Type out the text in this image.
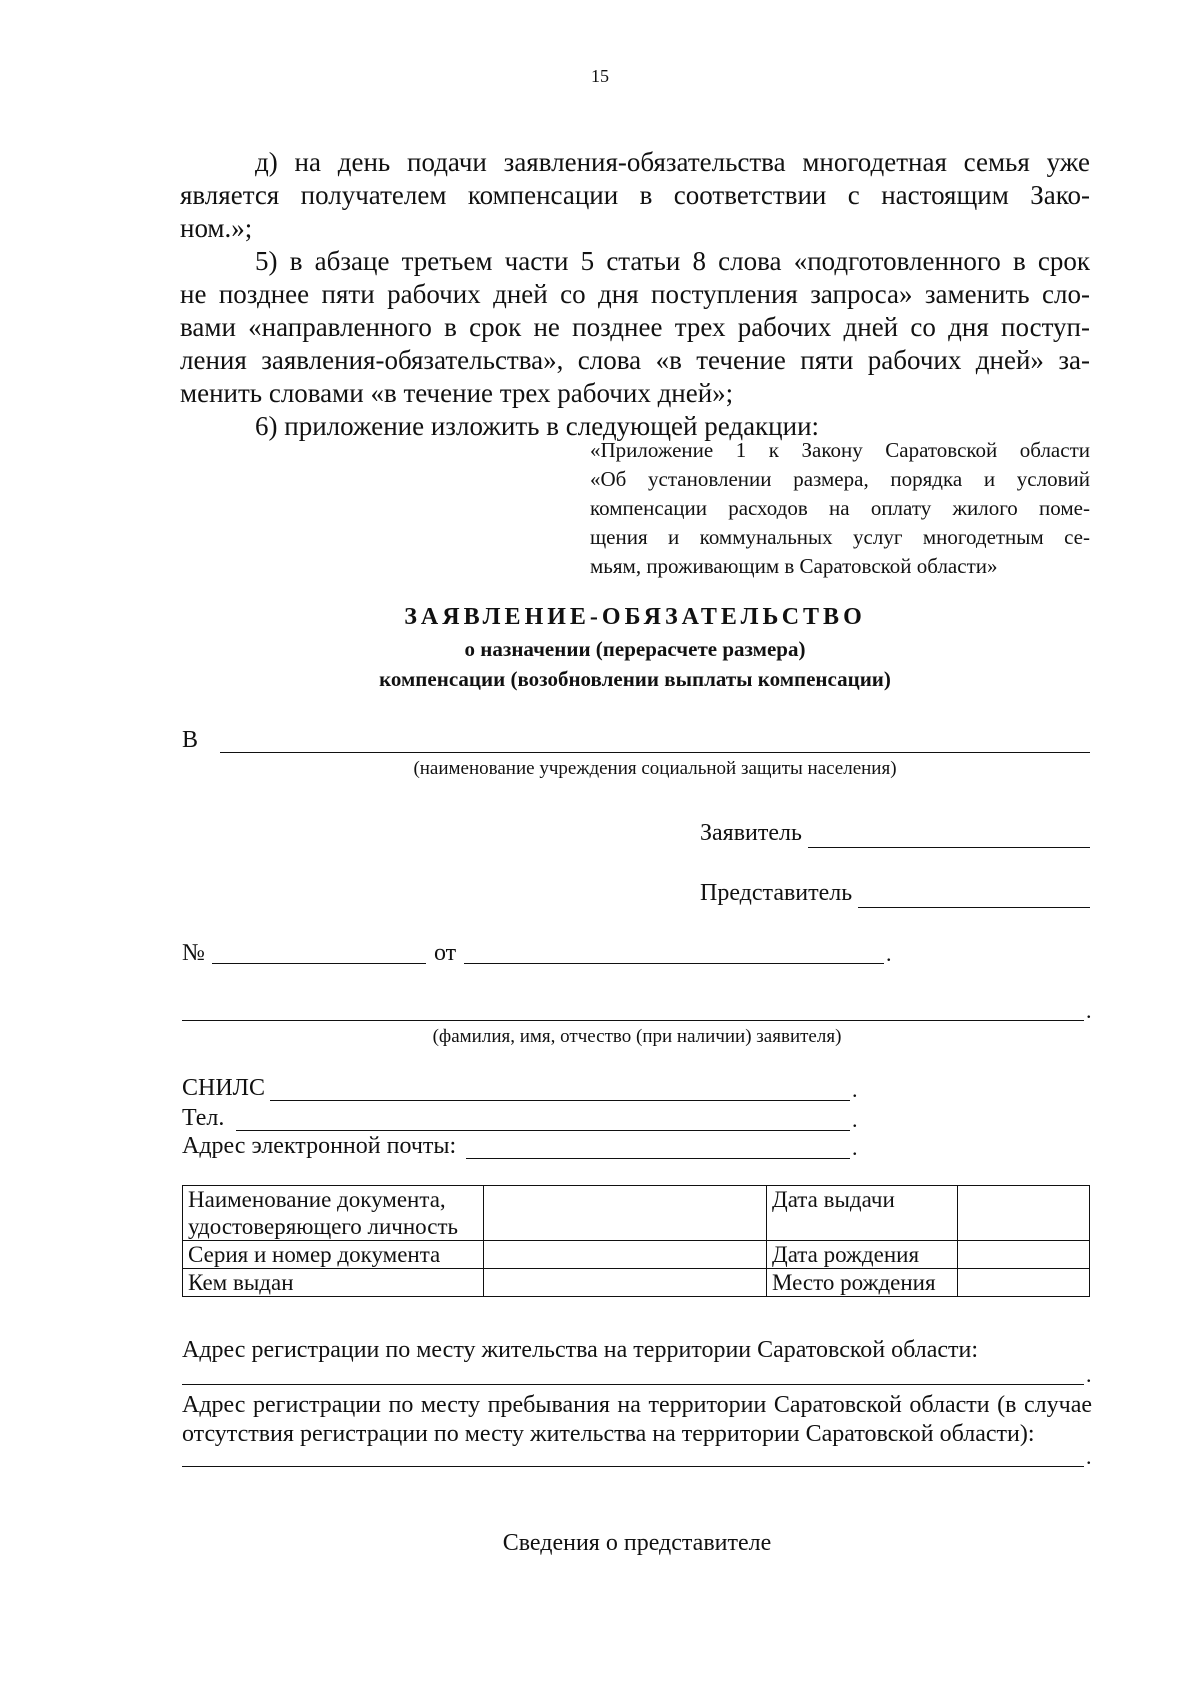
15
д) на день подачи заявления-обязательства многодетная семья уже
является получателем компенсации в соответствии с настоящим Зако-
ном.»;
5) в абзаце третьем части 5 статьи 8 слова «подготовленного в срок
не позднее пяти рабочих дней со дня поступления запроса» заменить сло-
вами «направленного в срок не позднее трех рабочих дней со дня поступ-
ления заявления-обязательства», слова «в течение пяти рабочих дней» за-
менить словами «в течение трех рабочих дней»;
6) приложение изложить в следующей редакции:
«Приложение 1 к Закону Саратовской области
«Об установлении размера, порядка и условий
компенсации расходов на оплату жилого поме-
щения и коммунальных услуг многодетным се-
мьям, проживающим в Саратовской области»
ЗАЯВЛЕНИЕ-ОБЯЗАТЕЛЬСТВО
о назначении (перерасчете размера)
компенсации (возобновлении выплаты компенсации)
В
(наименование учреждения социальной защиты населения)
Заявитель
Представитель
№	от	.
.
(фамилия, имя, отчество (при наличии) заявителя)
СНИЛС	.
Тел.	.
Адрес электронной почты:	.
Наименование документа,
удостоверяющего личность		Дата выдачи	
Серия и номер документа		Дата рождения	
Кем выдан		Место рождения	
Адрес регистрации по месту жительства на территории Саратовской области:
.
Адрес регистрации по месту пребывания на территории Саратовской области (в случае
отсутствия регистрации по месту жительства на территории Саратовской области):
.
Сведения о представителе
